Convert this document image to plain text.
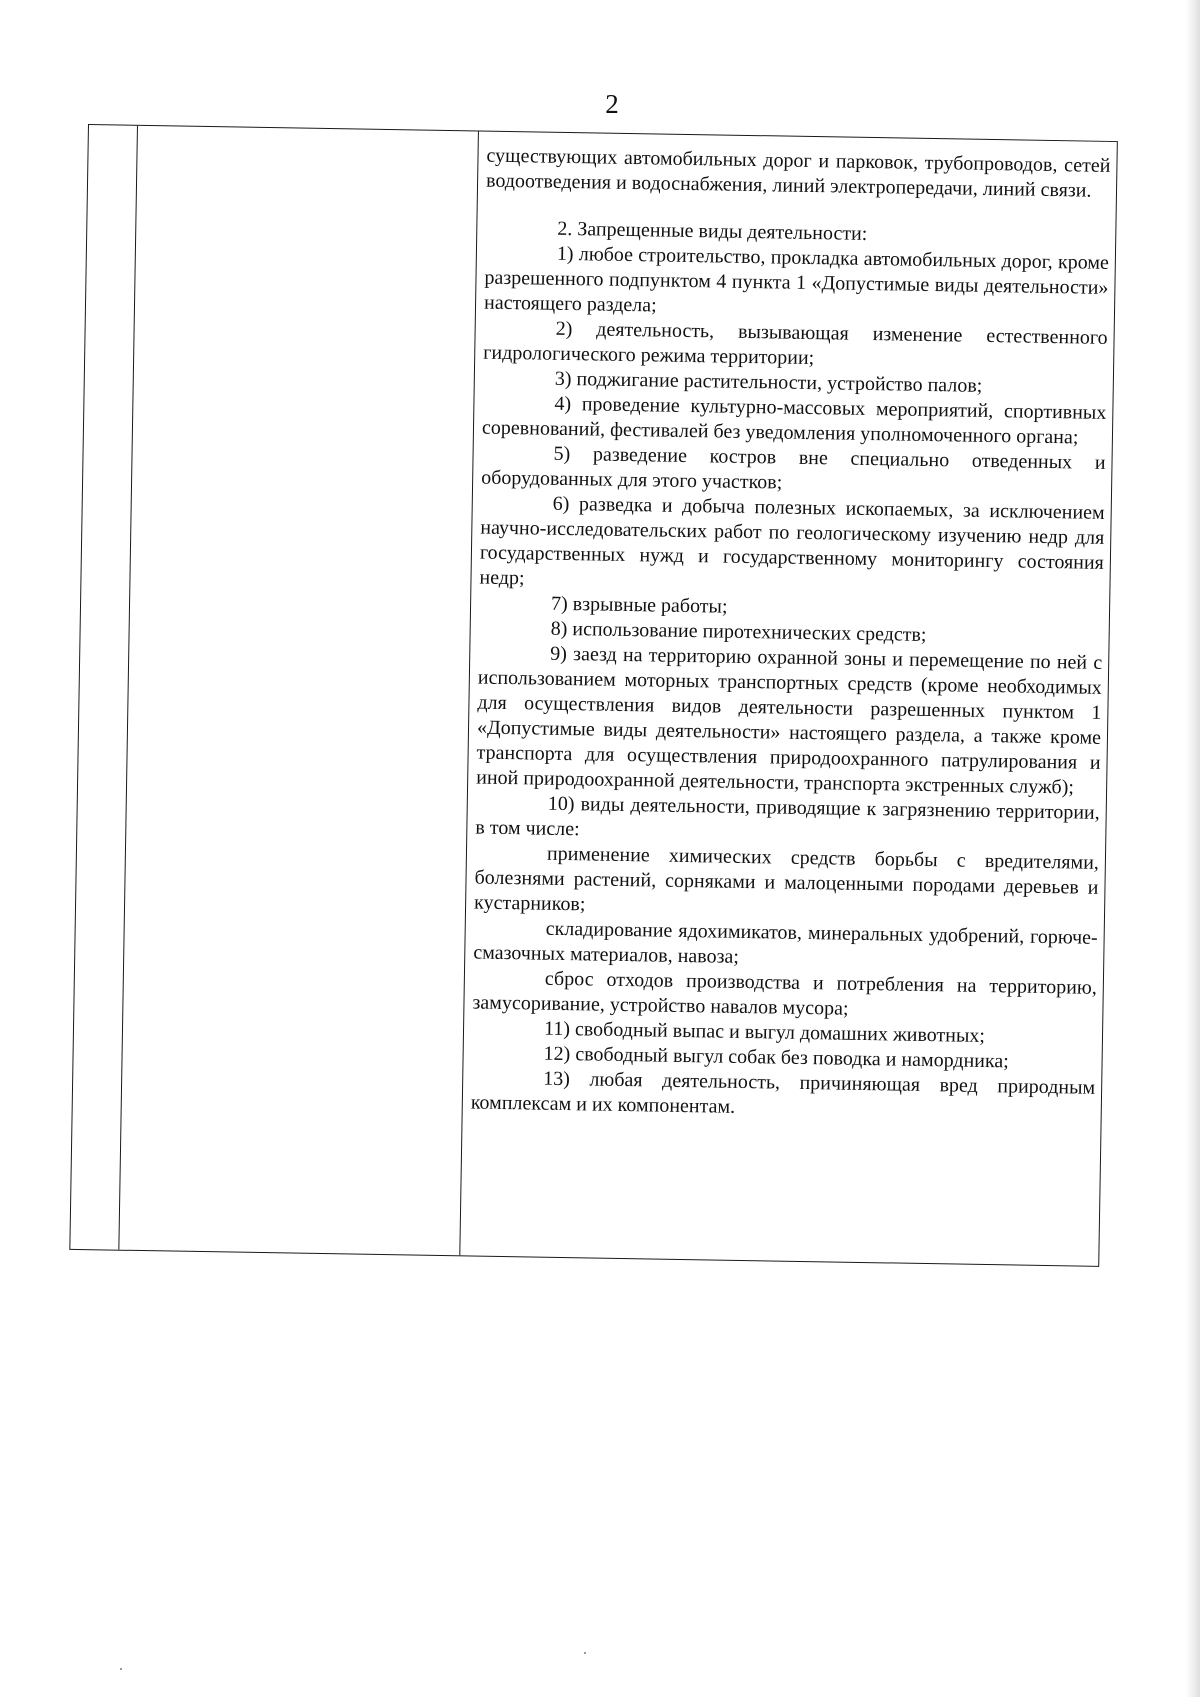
2

существующих автомобильных дорог и парковок, трубопроводов, сетей водоотведения и водоснабжения, линий электропередачи, линий связи.

2. Запрещенные виды деятельности:

1) любое строительство, прокладка автомобильных дорог, кроме разрешенного подпунктом 4 пункта 1 «Допустимые виды деятельности» настоящего раздела;

2) деятельность, вызывающая изменение естественного гидрологического режима территории;

3) поджигание растительности, устройство палов;

4) проведение культурно-массовых мероприятий, спортивных соревнований, фестивалей без уведомления уполномоченного органа;

5) разведение костров вне специально отведенных и оборудованных для этого участков;

6) разведка и добыча полезных ископаемых, за исключением научно-исследовательских работ по геологическому изучению недр для государственных нужд и государственному мониторингу состояния недр;

7) взрывные работы;

8) использование пиротехнических средств;

9) заезд на территорию охранной зоны и перемещение по ней с использованием моторных транспортных средств (кроме необходимых для осуществления видов деятельности разрешенных пунктом 1 «Допустимые виды деятельности» настоящего раздела, а также кроме транспорта для осуществления природоохранного патрулирования и иной природоохранной деятельности, транспорта экстренных служб);

10) виды деятельности, приводящие к загрязнению территории, в том числе:

применение химических средств борьбы с вредителями, болезнями растений, сорняками и малоценными породами деревьев и кустарников;

складирование ядохимикатов, минеральных удобрений, горюче-смазочных материалов, навоза;

сброс отходов производства и потребления на территорию, замусоривание, устройство навалов мусора;

11) свободный выпас и выгул домашних животных;

12) свободный выгул собак без поводка и намордника;

13) любая деятельность, причиняющая вред природным комплексам и их компонентам.
